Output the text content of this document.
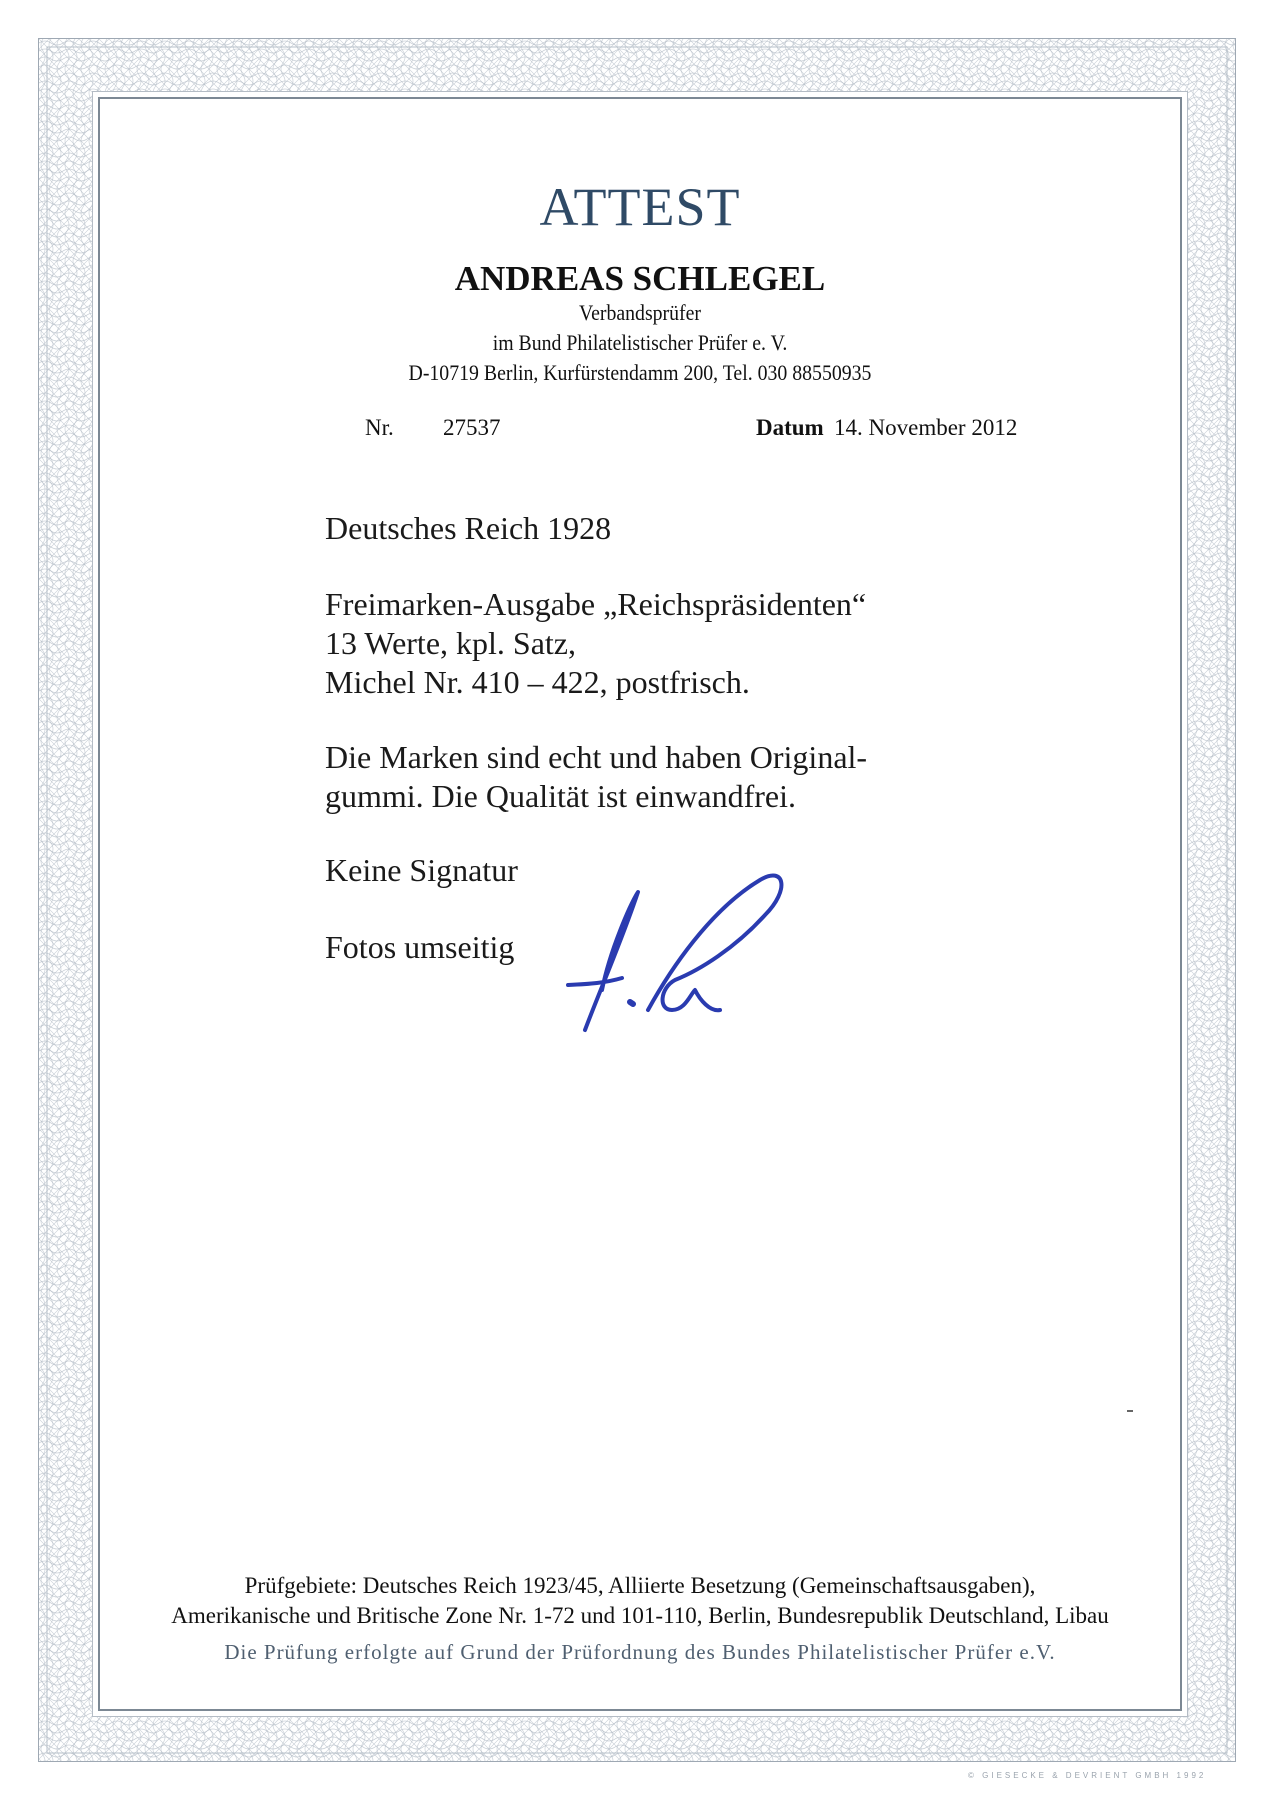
ATTEST
ANDREAS SCHLEGEL
Verbandsprüfer
im Bund Philatelistischer Prüfer e. V.
D-10719 Berlin, Kurfürstendamm 200, Tel. 030 88550935
Nr. 27537	Datum 14. November 2012
Deutsches Reich 1928
Freimarken-Ausgabe „Reichspräsidenten“
13 Werte, kpl. Satz,
Michel Nr. 410 – 422, postfrisch.
Die Marken sind echt und haben Original-
gummi. Die Qualität ist einwandfrei.
Keine Signatur
Fotos umseitig
Prüfgebiete: Deutsches Reich 1923/45, Alliierte Besetzung (Gemeinschaftsausgaben),
Amerikanische und Britische Zone Nr. 1-72 und 101-110, Berlin, Bundesrepublik Deutschland, Libau
Die Prüfung erfolgte auf Grund der Prüfordnung des Bundes Philatelistischer Prüfer e.V.
© GIESECKE & DEVRIENT GMBH 1992
